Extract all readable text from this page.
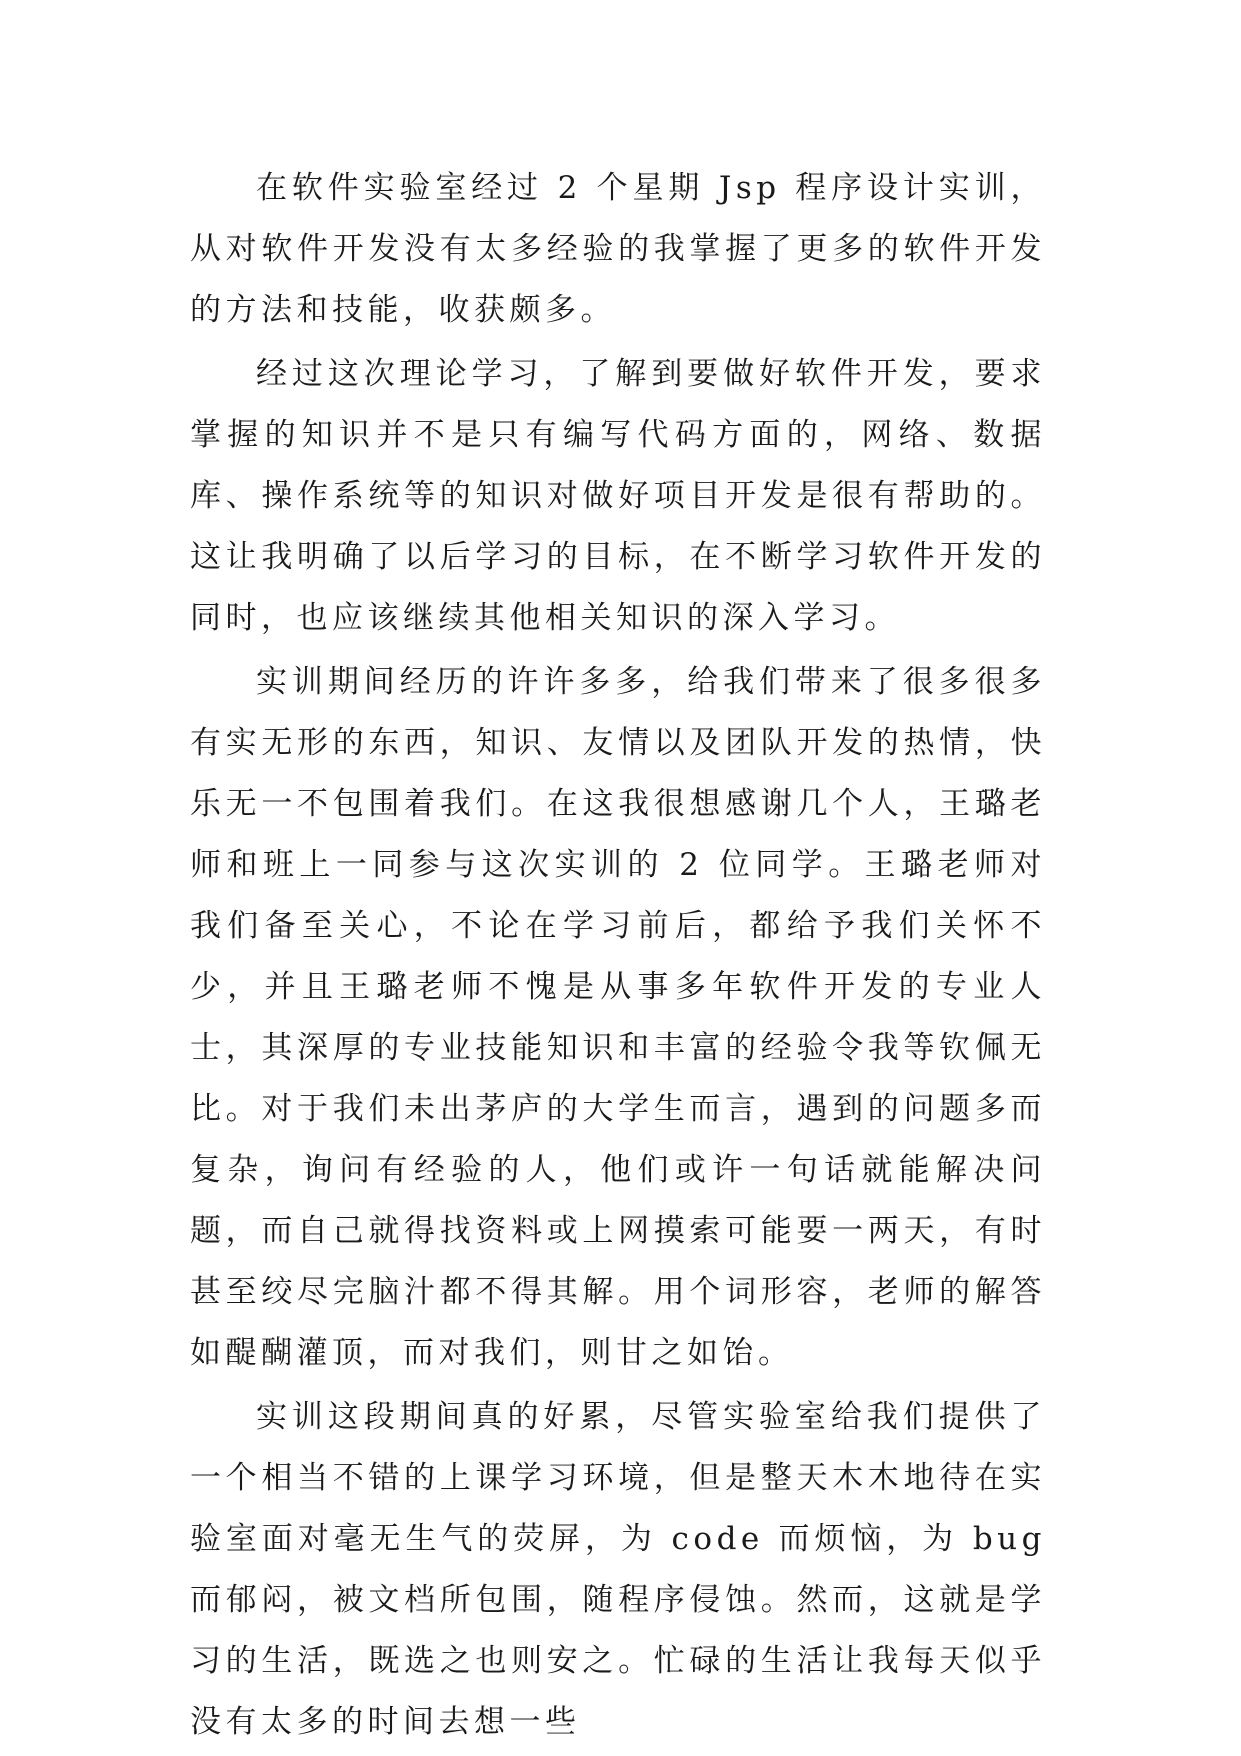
在软件实验室经过 2 个星期 Jsp 程序设计实训，从对软件开发没有太多经验的我掌握了更多的软件开发的方法和技能，收获颇多。

经过这次理论学习，了解到要做好软件开发，要求掌握的知识并不是只有编写代码方面的，网络、数据库、操作系统等的知识对做好项目开发是很有帮助的。这让我明确了以后学习的目标，在不断学习软件开发的同时，也应该继续其他相关知识的深入学习。

实训期间经历的许许多多，给我们带来了很多很多有实无形的东西，知识、友情以及团队开发的热情，快乐无一不包围着我们。在这我很想感谢几个人，王璐老师和班上一同参与这次实训的 2 位同学。王璐老师对我们备至关心，不论在学习前后，都给予我们关怀不少，并且王璐老师不愧是从事多年软件开发的专业人士，其深厚的专业技能知识和丰富的经验令我等钦佩无比。对于我们未出茅庐的大学生而言，遇到的问题多而复杂，询问有经验的人，他们或许一句话就能解决问题，而自己就得找资料或上网摸索可能要一两天，有时甚至绞尽完脑汁都不得其解。用个词形容，老师的解答如醍醐灌顶，而对我们，则甘之如饴。

实训这段期间真的好累，尽管实验室给我们提供了一个相当不错的上课学习环境，但是整天木木地待在实验室面对毫无生气的荧屏，为 code 而烦恼，为 bug 而郁闷，被文档所包围，随程序侵蚀。然而，这就是学习的生活，既选之也则安之。忙碌的生活让我每天似乎没有太多的时间去想一些
